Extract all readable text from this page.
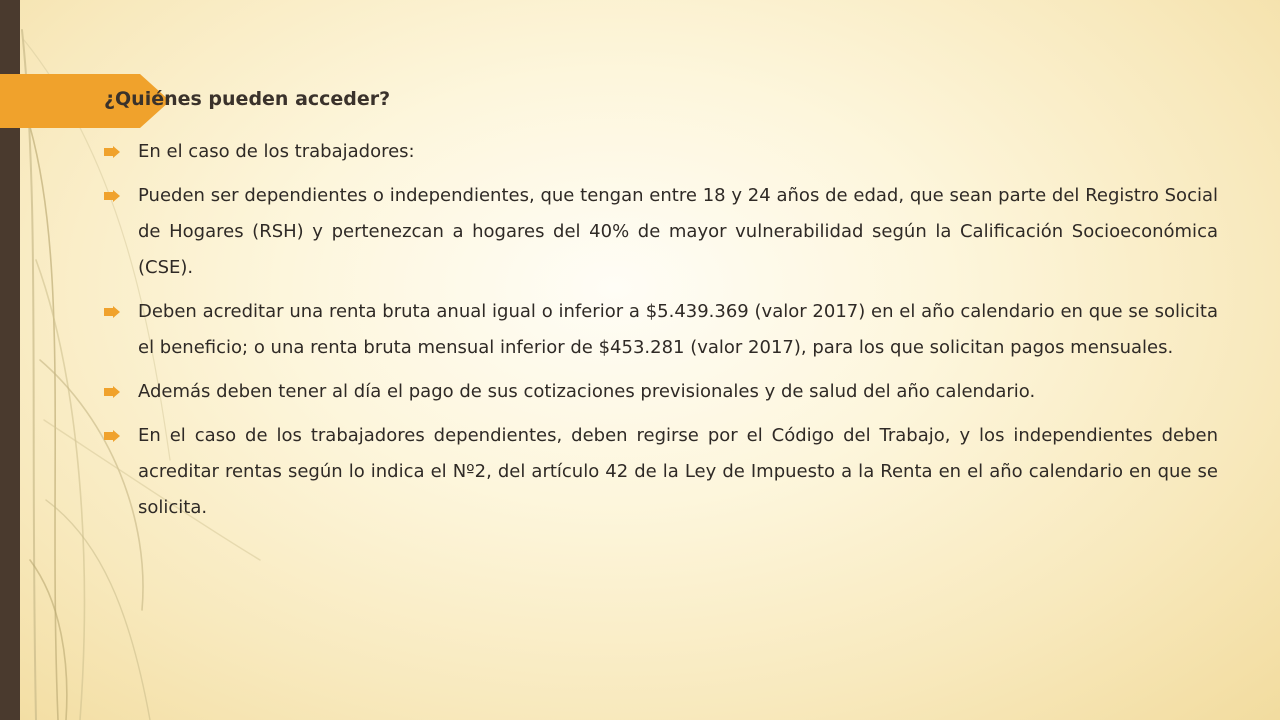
¿Quiénes pueden acceder?
En el caso de los trabajadores:
Pueden ser dependientes o independientes, que tengan entre 18 y 24 años de edad, que sean parte del Registro Social de Hogares (RSH) y pertenezcan a hogares del 40% de mayor vulnerabilidad según la Calificación Socioeconómica (CSE).
Deben acreditar una renta bruta anual igual o inferior a $5.439.369 (valor 2017) en el año calendario en que se solicita el beneficio; o una renta bruta mensual inferior de $453.281 (valor 2017), para los que solicitan pagos mensuales.
Además deben tener al día el pago de sus cotizaciones previsionales y de salud del año calendario.
En el caso de los trabajadores dependientes, deben regirse por el Código del Trabajo, y los independientes deben acreditar rentas según lo indica el Nº2, del artículo 42 de la Ley de Impuesto a la Renta en el año calendario en que se solicita.
